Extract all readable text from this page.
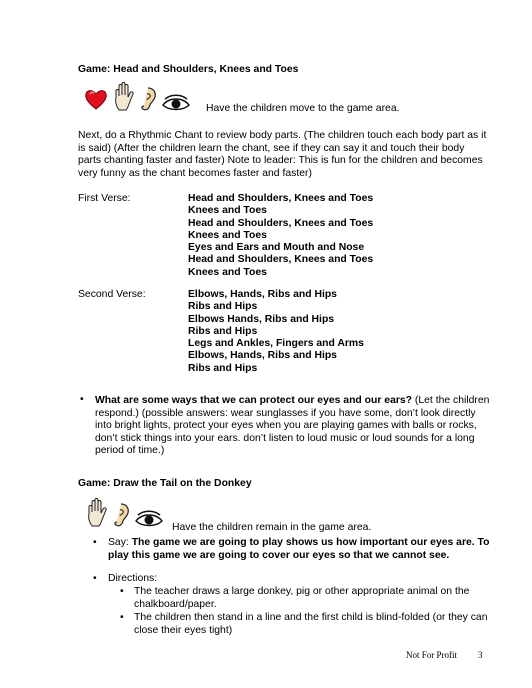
Game: Head and Shoulders, Knees and Toes
Have the children move to the game area.
Next, do a Rhythmic Chant to review body parts. (The children touch each body part as it is said) (After the children learn the chant, see if they can say it and touch their body parts chanting faster and faster) Note to leader: This is fun for the children and becomes very funny as the chant becomes faster and faster)
First Verse:	Head and Shoulders, Knees and Toes
Knees and Toes
Head and Shoulders, Knees and Toes
Knees and Toes
Eyes and Ears and Mouth and Nose
Head and Shoulders, Knees and Toes
Knees and Toes
Second Verse:	Elbows, Hands, Ribs and Hips
Ribs and Hips
Elbows Hands, Ribs and Hips
Ribs and Hips
Legs and Ankles, Fingers and Arms
Elbows, Hands, Ribs and Hips
Ribs and Hips
• What are some ways that we can protect our eyes and our ears? (Let the children respond.) (possible answers: wear sunglasses if you have some, don’t look directly into bright lights, protect your eyes when you are playing games with balls or rocks, don’t stick things into your ears. don’t listen to loud music or loud sounds for a long period of time.)
Game: Draw the Tail on the Donkey
Have the children remain in the game area.
• Say: The game we are going to play shows us how important our eyes are. To play this game we are going to cover our eyes so that we cannot see.
• Directions:
• The teacher draws a large donkey, pig or other appropriate animal on the chalkboard/paper.
• The children then stand in a line and the first child is blind-folded (or they can close their eyes tight)
Not For Profit 3
